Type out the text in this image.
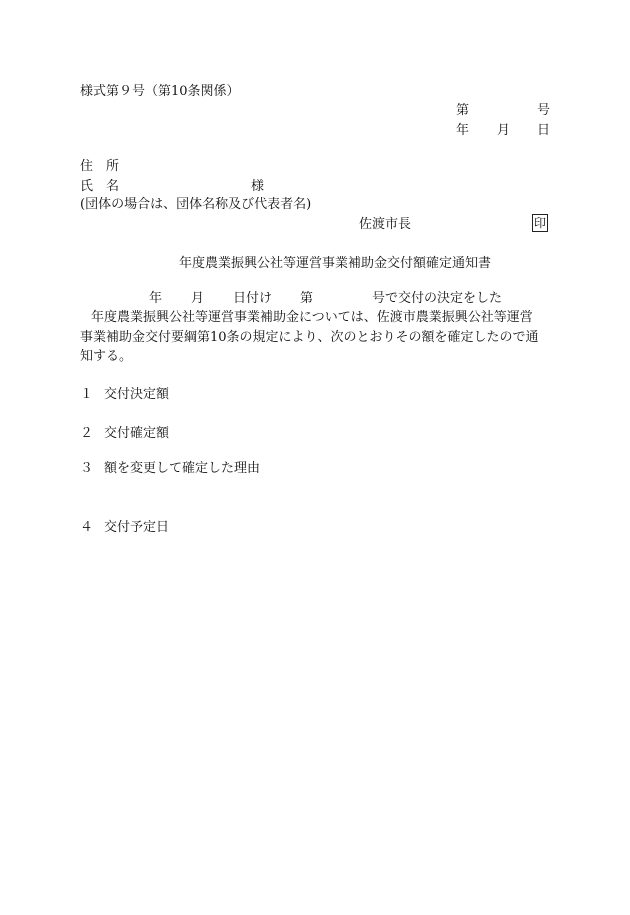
様式第９号（第10条関係）
第	号
年 月 日
住　所
氏　名	様
(団体の場合は、団体名称及び代表者名)
佐渡市長	印
年度農業振興公社等運営事業補助金交付額確定通知書
年 月 日付け 第	号で交付の決定をした
年度農業振興公社等運営事業補助金については、佐渡市農業振興公社等運営
事業補助金交付要綱第10条の規定により、次のとおりその額を確定したので通
知する。
１ 交付決定額
２ 交付確定額
３ 額を変更して確定した理由
４ 交付予定日
